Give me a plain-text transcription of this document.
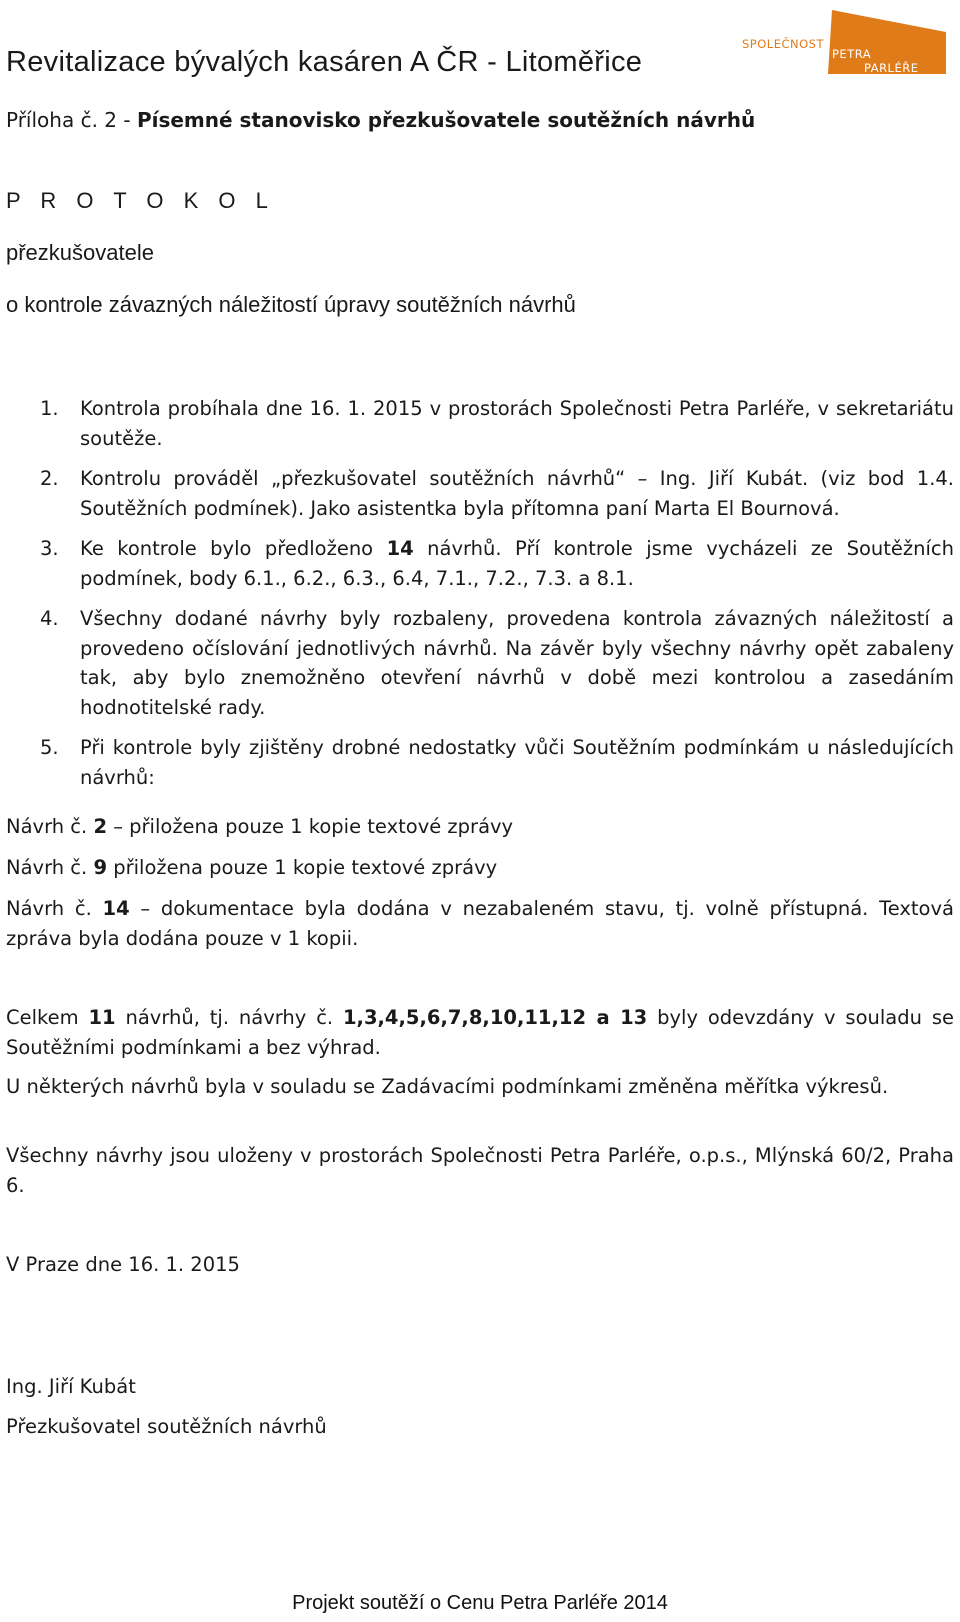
Revitalizace bývalých kasáren A ČR - Litoměřice
SPOLEČNOST
PETRA
PARLÉŘE
Příloha č. 2 - Písemné stanovisko přezkušovatele soutěžních návrhů
P R O T O K O L
přezkušovatele
o kontrole závazných náležitostí úpravy soutěžních návrhů
1.	Kontrola probíhala dne 16. 1. 2015 v prostorách Společnosti Petra Parléře, v sekretariátu soutěže.
2.	Kontrolu prováděl „přezkušovatel soutěžních návrhů“ – Ing. Jiří Kubát. (viz bod 1.4. Soutěžních podmínek). Jako asistentka byla přítomna paní Marta El Bournová.
3.	Ke kontrole bylo předloženo 14 návrhů. Pří kontrole jsme vycházeli ze Soutěžních podmínek, body 6.1., 6.2., 6.3., 6.4, 7.1., 7.2., 7.3. a 8.1.
4.	Všechny dodané návrhy byly rozbaleny, provedena kontrola závazných náležitostí a provedeno očíslování jednotlivých návrhů. Na závěr byly všechny návrhy opět zabaleny tak, aby bylo znemožněno otevření návrhů v době mezi kontrolou a zasedáním hodnotitelské rady.
5.	Při kontrole byly zjištěny drobné nedostatky vůči Soutěžním podmínkám u následujících návrhů:
Návrh č. 2 – přiložena pouze 1 kopie textové zprávy
Návrh č. 9 přiložena pouze 1 kopie textové zprávy
Návrh č. 14 – dokumentace byla dodána v nezabaleném stavu, tj. volně přístupná. Textová zpráva byla dodána pouze v 1 kopii.
Celkem 11 návrhů, tj. návrhy č. 1,3,4,5,6,7,8,10,11,12 a 13 byly odevzdány v souladu se Soutěžními podmínkami a bez výhrad.
U některých návrhů byla v souladu se Zadávacími podmínkami změněna měřítka výkresů.
Všechny návrhy jsou uloženy v prostorách Společnosti Petra Parléře, o.p.s., Mlýnská 60/2, Praha 6.
V Praze dne 16. 1. 2015
Ing. Jiří Kubát
Přezkušovatel soutěžních návrhů
Projekt soutěží o Cenu Petra Parléře 2014
